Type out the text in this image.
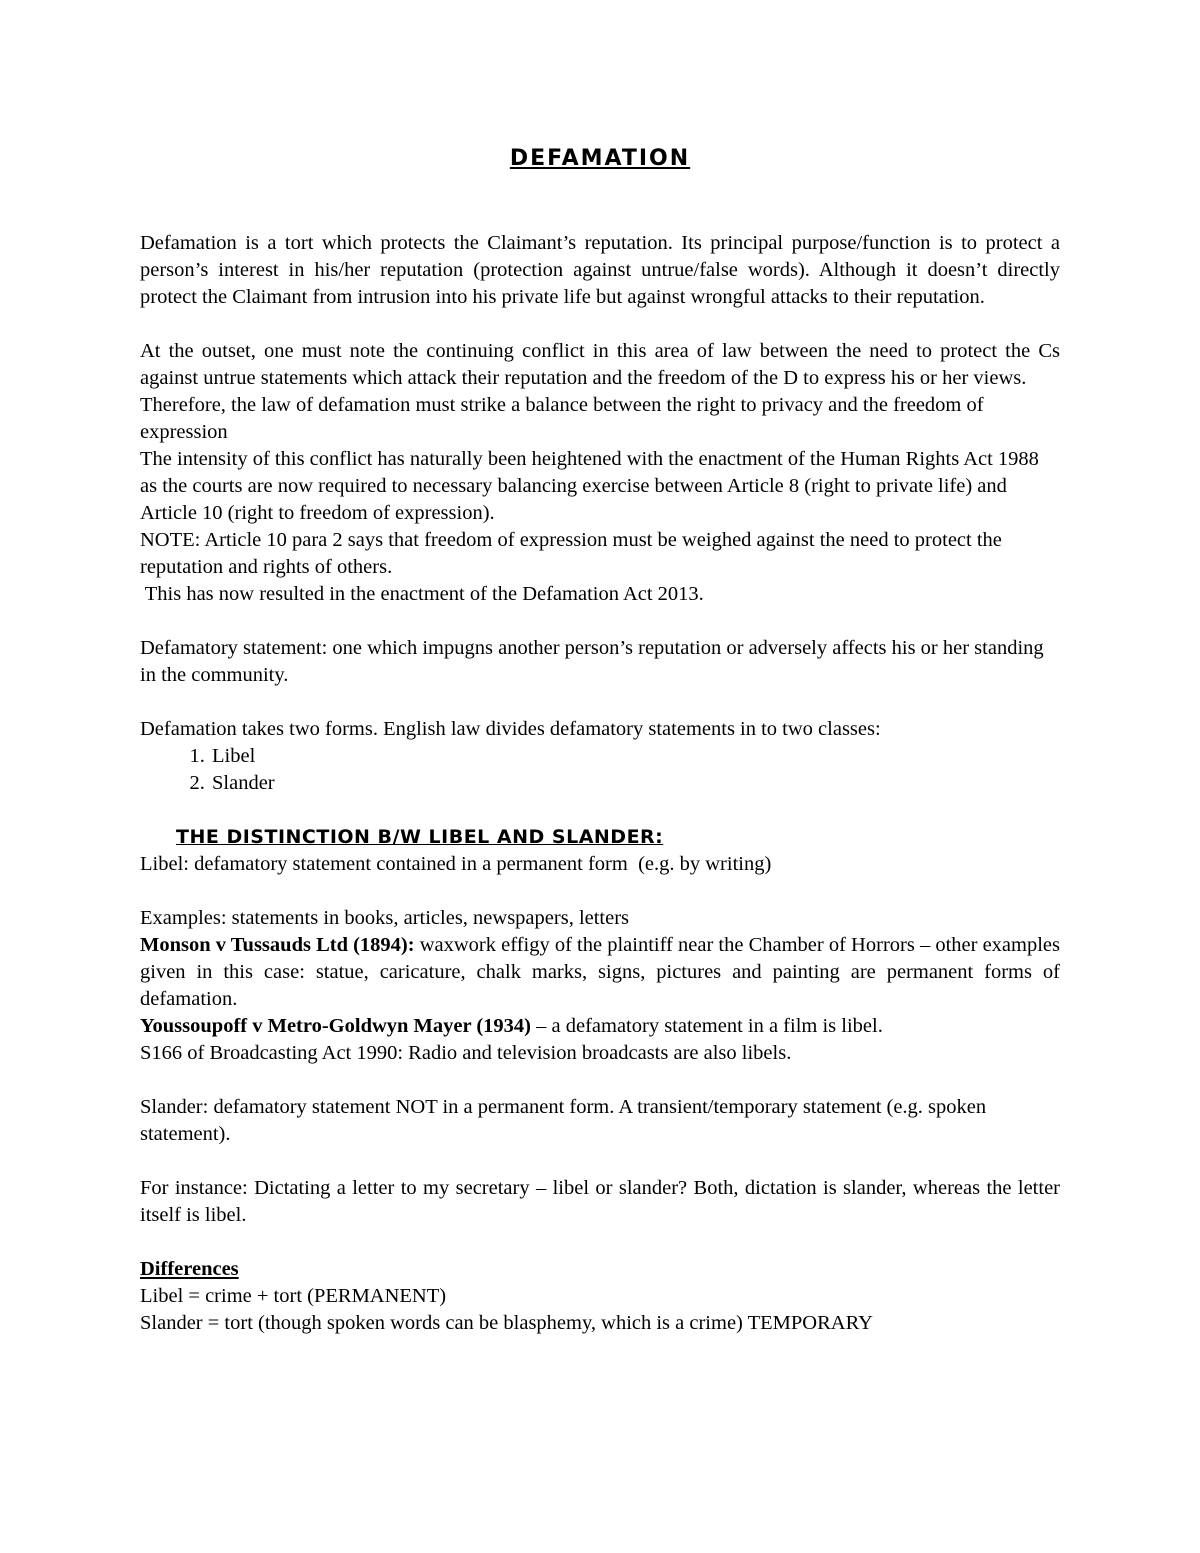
DEFAMATION

Defamation is a tort which protects the Claimant’s reputation. Its principal purpose/function is to protect a person’s interest in his/her reputation (protection against untrue/false words). Although it doesn’t directly protect the Claimant from intrusion into his private life but against wrongful attacks to their reputation.

At the outset, one must note the continuing conflict in this area of law between the need to protect the Cs against untrue statements which attack their reputation and the freedom of the D to express his or her views.

Therefore, the law of defamation must strike a balance between the right to privacy and the freedom of expression

The intensity of this conflict has naturally been heightened with the enactment of the Human Rights Act 1988 as the courts are now required to necessary balancing exercise between Article 8 (right to private life) and Article 10 (right to freedom of expression).

NOTE: Article 10 para 2 says that freedom of expression must be weighed against the need to protect the reputation and rights of others.

This has now resulted in the enactment of the Defamation Act 2013.

Defamatory statement: one which impugns another person’s reputation or adversely affects his or her standing in the community.

Defamation takes two forms. English law divides defamatory statements in to two classes:

1. Libel
2. Slander

THE DISTINCTION B/W LIBEL AND SLANDER:

Libel: defamatory statement contained in a permanent form  (e.g. by writing)

Examples: statements in books, articles, newspapers, letters

Monson v Tussauds Ltd (1894): waxwork effigy of the plaintiff near the Chamber of Horrors – other examples given in this case: statue, caricature, chalk marks, signs, pictures and painting are permanent forms of defamation.

Youssoupoff v Metro-Goldwyn Mayer (1934) – a defamatory statement in a film is libel.

S166 of Broadcasting Act 1990: Radio and television broadcasts are also libels.

Slander: defamatory statement NOT in a permanent form. A transient/temporary statement (e.g. spoken statement).

For instance: Dictating a letter to my secretary – libel or slander? Both, dictation is slander, whereas the letter itself is libel.

Differences

Libel = crime + tort (PERMANENT)

Slander = tort (though spoken words can be blasphemy, which is a crime) TEMPORARY
